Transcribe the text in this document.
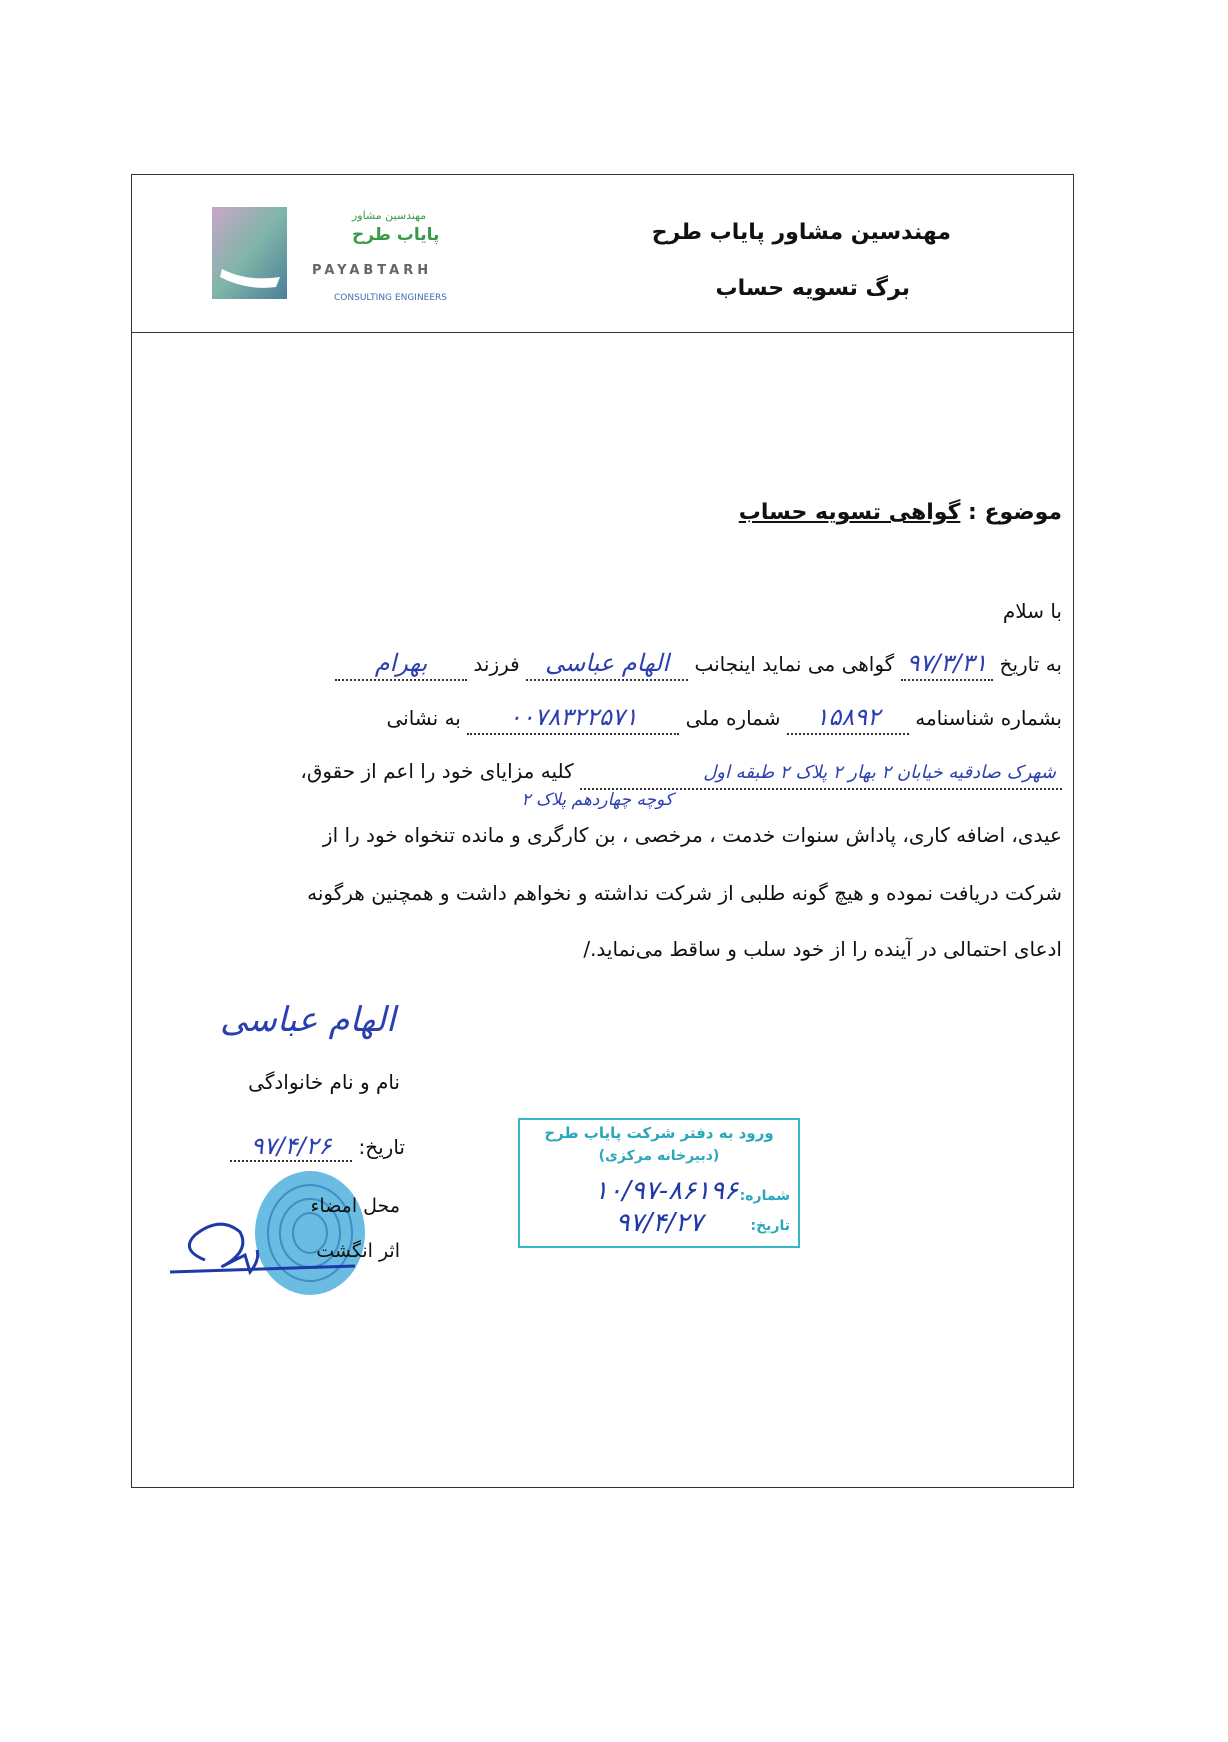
مهندسین مشاور پایاب طرح
برگ تسویه حساب
مهندسین مشاور
پایاب طرح
PAYABTARH
CONSULTING ENGINEERS
موضوع : گواهی تسویه حساب
با سلام
به تاریخ ۹۷/۳/۳۱ گواهی می نماید اینجانب الهام عباسی فرزند بهرام
بشماره شناسنامه ۱۵۸۹۲ شماره ملی ۰۰۷۸۳۲۲۵۷۱ به نشانی
شهرک صادقیه خیابان ۲ بهار ۲ پلاک ۲ طبقه اول کلیه مزایای خود را اعم از حقوق،
کوچه چهاردهم پلاک ۲
عیدی، اضافه کاری، پاداش سنوات خدمت ، مرخصی ، بن کارگری و مانده تنخواه خود را از
شرکت دریافت نموده و هیچ گونه طلبی از شرکت نداشته و نخواهم داشت و همچنین هرگونه
ادعای احتمالی در آینده را از خود سلب و ساقط می‌نماید./
الهام عباسی
نام و نام خانوادگی
تاریخ: ۹۷/۴/۲۶
محل امضاء
اثر انگشت
ورود به دفتر شرکت پایاب طرح
(دبیرخانه مرکزی)
شماره:
۱۰/۹۷-۸۶۱۹۶
تاریخ:
۹۷/۴/۲۷
